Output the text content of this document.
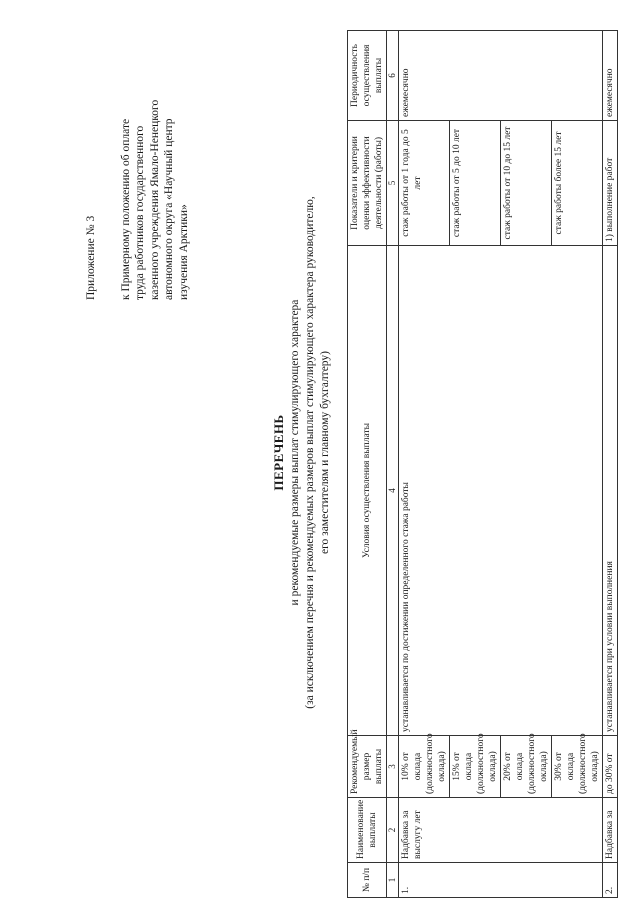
Приложение № 3 к Примерному положению об оплате труда работников государственного казенного учреждения Ямало-Ненецкого автономного округа «Научный центр изучения Арктики»
ПЕРЕЧЕНЬ и рекомендуемые размеры выплат стимулирующего характера (за исключением перечня и рекомендуемых размеров выплат стимулирующего характера руководителю, его заместителям и главному бухгалтеру)
№ п/п	Наименование выплаты	Рекомендуемый размер выплаты	Условия осуществления выплаты	Показатели и критерии оценки эффективности деятельности (работы)	Периодичность осуществления выплаты
1	2	3	4	5	6
1.	Надбавка за выслугу лет	10% от оклада (должностного оклада)	устанавливается по достижении определенного стажа работы	стаж работы от 1 года до 5 лет	ежемесячно
		15% от оклада (должностного оклада)		стаж работы от 5 до 10 лет	
		20% от оклада (должностного оклада)		стаж работы от 10 до 15 лет	
		30% от оклада (должностного оклада)		стаж работы более 15 лет	
2.	Надбавка за	до 30% от	устанавливается при условии выполнения	1) выполнение работ	ежемесячно
